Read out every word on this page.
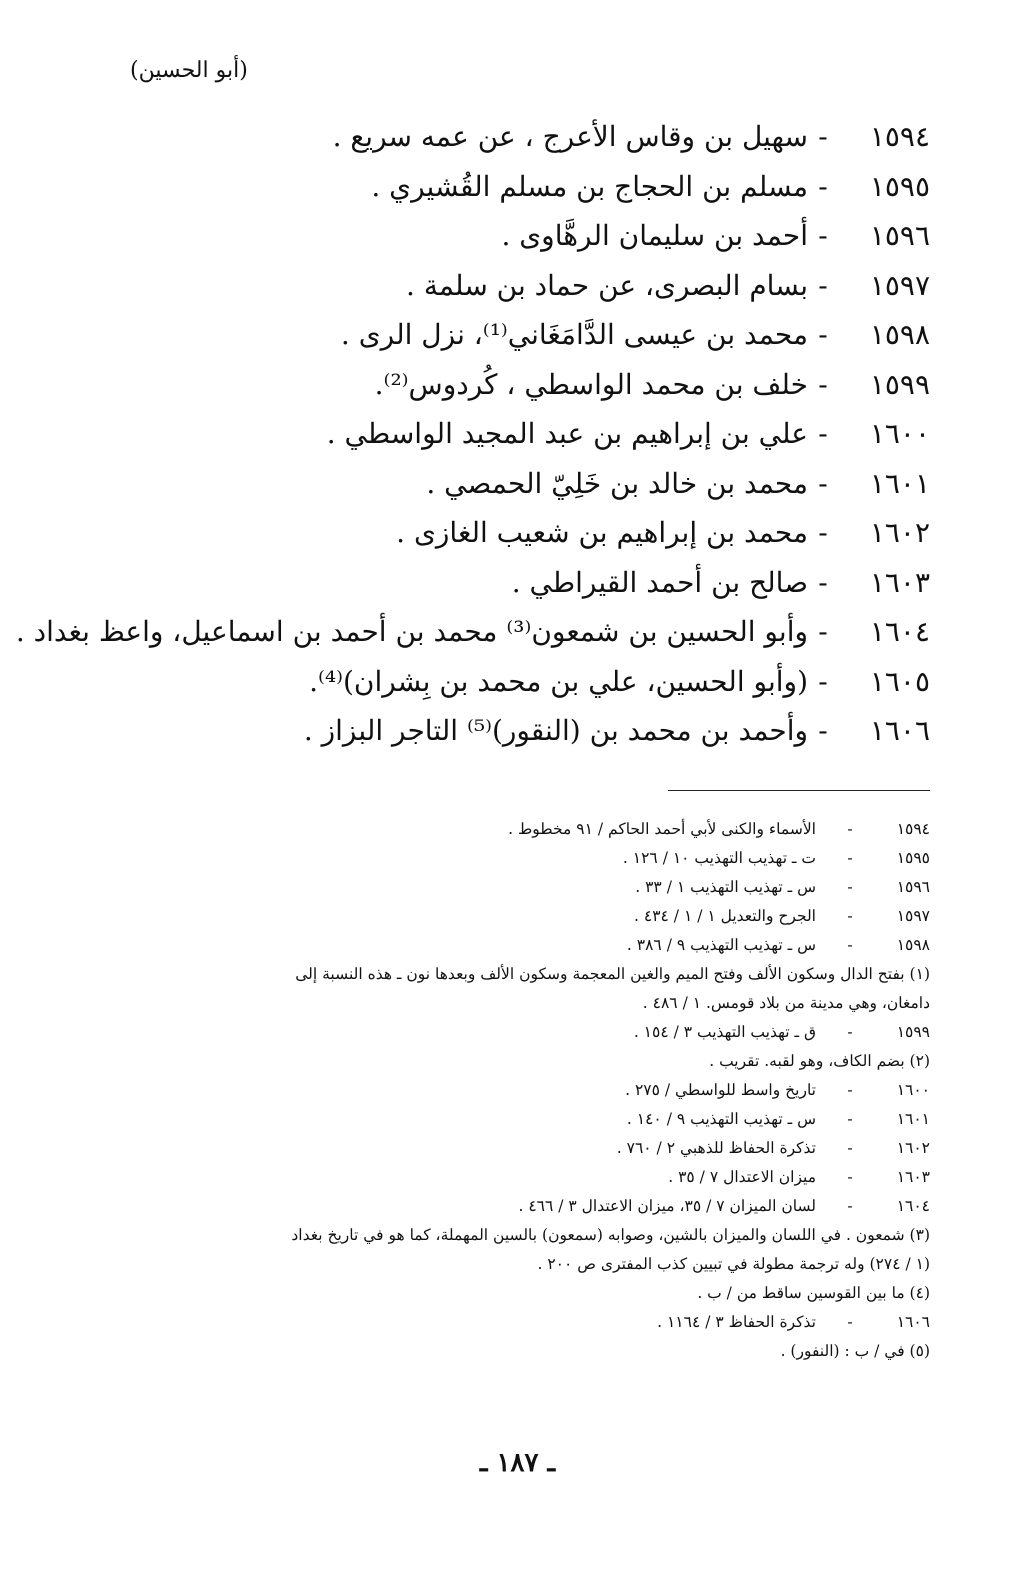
(أبو الحسين)
١٥٩٤
-
سهيل بن وقاس الأعرج ، عن عمه سريع .
١٥٩٥
-
مسلم بن الحجاج بن مسلم القُشيري .
١٥٩٦
-
أحمد بن سليمان الرهَّاوى .
١٥٩٧
-
بسام البصرى، عن حماد بن سلمة .
١٥٩٨
-
محمد بن عيسى الدَّامَغَاني⁽¹⁾، نزل الرى .
١٥٩٩
-
خلف بن محمد الواسطي ، كُردوس⁽²⁾.
١٦٠٠
-
علي بن إبراهيم بن عبد المجيد الواسطي .
١٦٠١
-
محمد بن خالد بن خَلِيّ الحمصي .
١٦٠٢
-
محمد بن إبراهيم بن شعيب الغازى .
١٦٠٣
-
صالح بن أحمد القيراطي .
١٦٠٤
-
وأبو الحسين بن شمعون⁽³⁾ محمد بن أحمد بن اسماعيل، واعظ بغداد .
١٦٠٥
-
(وأبو الحسين، علي بن محمد بن بِشران)⁽⁴⁾.
١٦٠٦
-
وأحمد بن محمد بن (النقور)⁽⁵⁾ التاجر البزاز .
١٥٩٤
-
الأسماء والكنى لأبي أحمد الحاكم / ٩١ مخطوط .
١٥٩٥
-
ت ـ تهذيب التهذيب ١٠ / ١٢٦ .
١٥٩٦
-
س ـ تهذيب التهذيب ١ / ٣٣ .
١٥٩٧
-
الجرح والتعديل ١ / ١ / ٤٣٤ .
١٥٩٨
-
س ـ تهذيب التهذيب ٩ / ٣٨٦ .
(١) بفتح الدال وسكون الألف وفتح الميم والغين المعجمة وسكون الألف وبعدها نون ـ هذه النسبة إلى
دامغان، وهي مدينة من بلاد قومس. ١ / ٤٨٦ .
١٥٩٩
-
ق ـ تهذيب التهذيب ٣ / ١٥٤ .
(٢) بضم الكاف، وهو لقبه. تقريب .
١٦٠٠
-
تاريخ واسط للواسطي / ٢٧٥ .
١٦٠١
-
س ـ تهذيب التهذيب ٩ / ١٤٠ .
١٦٠٢
-
تذكرة الحفاظ للذهبي ٢ / ٧٦٠ .
١٦٠٣
-
ميزان الاعتدال ٧ / ٣٥ .
١٦٠٤
-
لسان الميزان ٧ / ٣٥، ميزان الاعتدال ٣ / ٤٦٦ .
(٣) شمعون . في اللسان والميزان بالشين، وصوابه (سمعون) بالسين المهملة، كما هو في تاريخ بغداد
(١ / ٢٧٤) وله ترجمة مطولة في تبيين كذب المفترى ص ٢٠٠ .
(٤) ما بين القوسين ساقط من / ب .
١٦٠٦
-
تذكرة الحفاظ ٣ / ١١٦٤ .
(٥) في / ب : (النفور) .
ـ ١٨٧ ـ
